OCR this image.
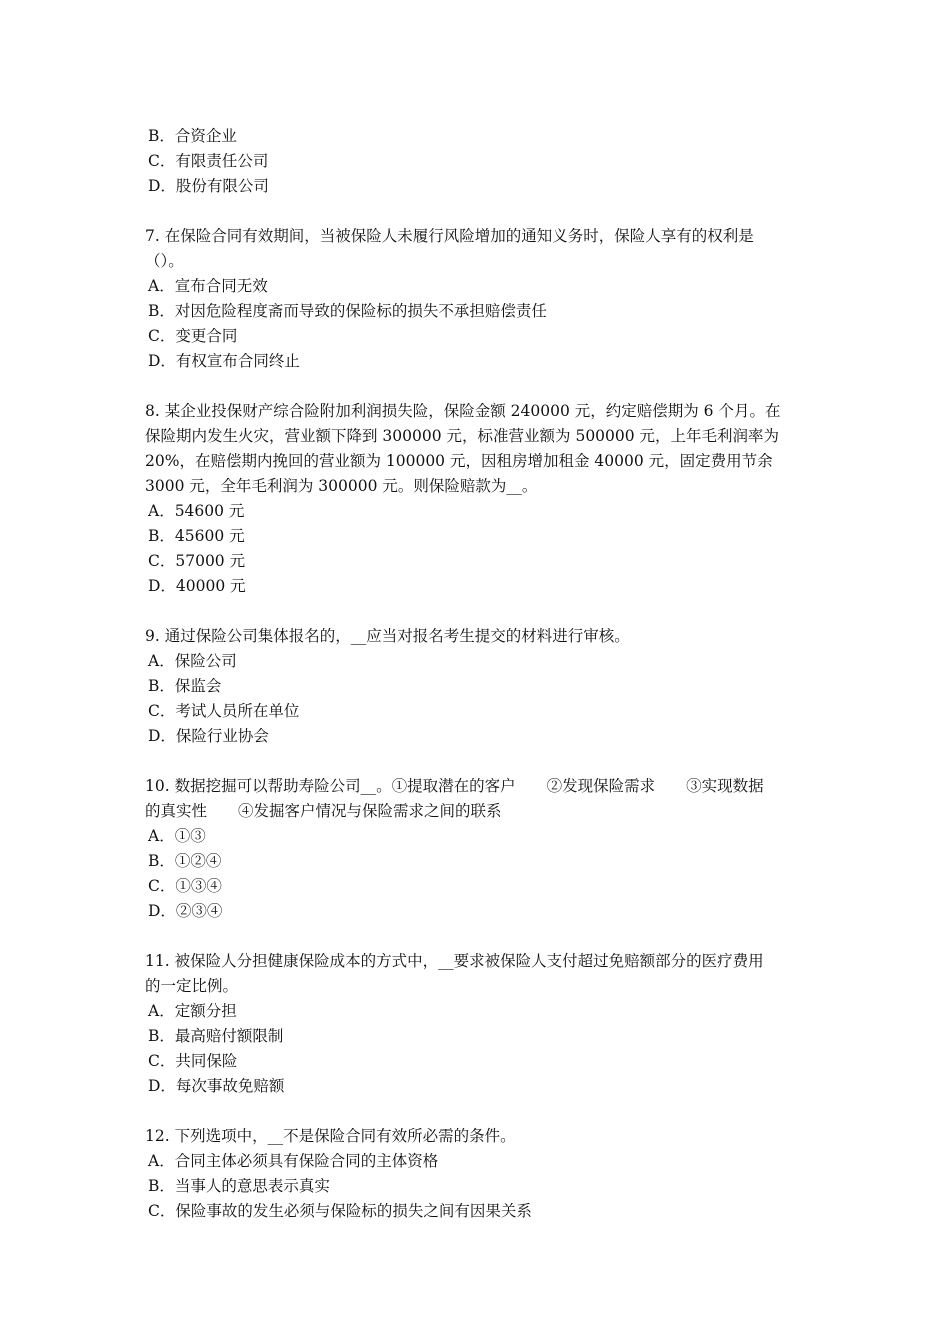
B．合资企业
C．有限责任公司
D．股份有限公司
7. 在保险合同有效期间，当被保险人未履行风险增加的通知义务时，保险人享有的权利是
（）。
A．宣布合同无效
B．对因危险程度斋而导致的保险标的损失不承担赔偿责任
C．变更合同
D．有权宣布合同终止
8. 某企业投保财产综合险附加利润损失险，保险金额 240000 元，约定赔偿期为 6 个月。在
保险期内发生火灾，营业额下降到 300000 元，标准营业额为 500000 元，上年毛利润率为
20%，在赔偿期内挽回的营业额为 100000 元，因租房增加租金 40000 元，固定费用节余
3000 元，全年毛利润为 300000 元。则保险赔款为__。
A．54600 元
B．45600 元
C．57000 元
D．40000 元
9. 通过保险公司集体报名的，__应当对报名考生提交的材料进行审核。
A．保险公司
B．保监会
C．考试人员所在单位
D．保险行业协会
10. 数据挖掘可以帮助寿险公司__。①提取潜在的客户　　②发现保险需求　　③实现数据
的真实性　　④发掘客户情况与保险需求之间的联系
A．①③
B．①②④
C．①③④
D．②③④
11. 被保险人分担健康保险成本的方式中，__要求被保险人支付超过免赔额部分的医疗费用
的一定比例。
A．定额分担
B．最高赔付额限制
C．共同保险
D．每次事故免赔额
12. 下列选项中，__不是保险合同有效所必需的条件。
A．合同主体必须具有保险合同的主体资格
B．当事人的意思表示真实
C．保险事故的发生必须与保险标的损失之间有因果关系
